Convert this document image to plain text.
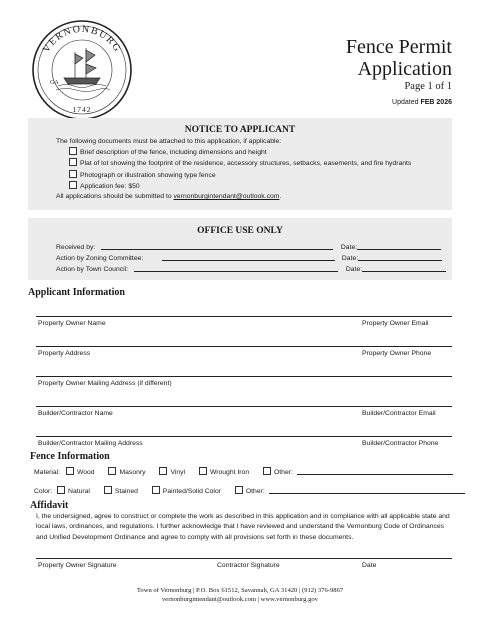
VERNONBURG
GA
1742
Fence Permit
Application
Page 1 of 1
Updated FEB 2026
NOTICE TO APPLICANT
The following documents must be attached to this application, if applicable:
Brief description of the fence, including dimensions and height
Plat of lot showing the footprint of the residence, accessory structures, setbacks, easements, and fire hydrants
Photograph or illustration showing type fence
Application fee: $50
All applications should be submitted to vernonburgintendant@outlook.com.
OFFICE USE ONLY
Received by:	Date:
Action by Zoning Committee:	Date:
Action by Town Council:	Date:
Applicant Information
Property Owner Name	Property Owner Email
Property Address	Property Owner Phone
Property Owner Mailing Address (if different)
Builder/Contractor Name	Builder/Contractor Email
Builder/Contractor Mailing Address	Builder/Contractor Phone
Fence Information
Material: Wood	Masonry	Vinyl	Wrought Iron	Other:
Color: Natural	Stained	Painted/Solid Color	Other:
Affidavit
I, the undersigned, agree to construct or complete the work as described in this application and in compliance with all applicable state and local laws, ordinances, and regulations. I further acknowledge that I have reviewed and understand the Vernonburg Code of Ordinances and Unified Development Ordinance and agree to comply with all provisions set forth in these documents.
Property Owner Signature	Contractor Signature	Date
Town of Vernonburg | P.O. Box 61512, Savannah, GA 31420 | (912) 376-9867
vernonburgintendant@outlook.com | www.vernonburg.gov
